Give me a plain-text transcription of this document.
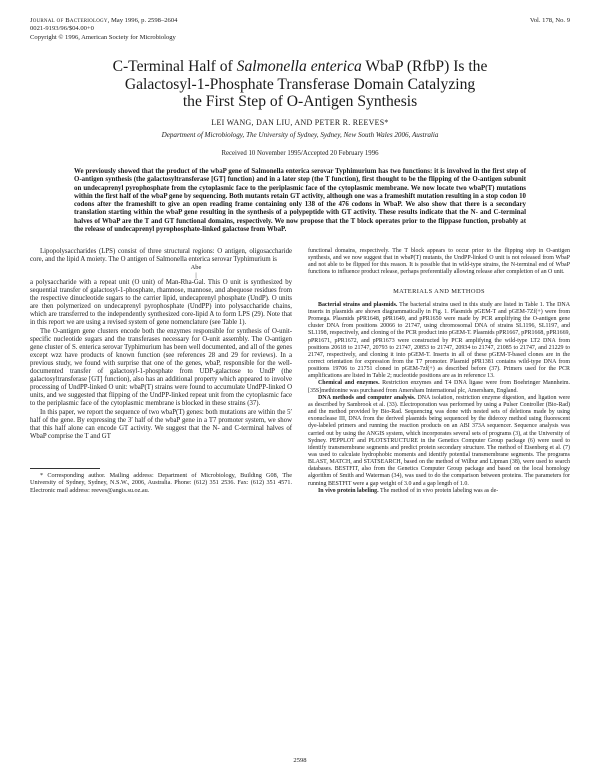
Journal of Bacteriology, May 1996, p. 2598–2604
0021-9193/96/$04.00+0
Copyright © 1996, American Society for Microbiology
Vol. 178, No. 9
C-Terminal Half of Salmonella enterica WbaP (RfbP) Is the
Galactosyl-1-Phosphate Transferase Domain Catalyzing
the First Step of O-Antigen Synthesis
LEI WANG, DAN LIU, AND PETER R. REEVES*
Department of Microbiology, The University of Sydney, Sydney, New South Wales 2006, Australia
Received 10 November 1995/Accepted 20 February 1996
We previously showed that the product of the wbaP gene of Salmonella enterica serovar Typhimurium has two functions: it is involved in the first step of O-antigen synthesis (the galactosyltransferase [GT] function) and in a later step (the T function), first thought to be the flipping of the O-antigen subunit on undecaprenyl pyrophosphate from the cytoplasmic face to the periplasmic face of the cytoplasmic membrane. We now locate two wbaP(T) mutations within the first half of the wbaP gene by sequencing. Both mutants retain GT activity, although one was a frameshift mutation resulting in a stop codon 10 codons after the frameshift to give an open reading frame containing only 138 of the 476 codons in WbaP. We also show that there is a secondary translation starting within the wbaP gene resulting in the synthesis of a polypeptide with GT activity. These results indicate that the N- and C-terminal halves of WbaP are the T and GT functional domains, respectively. We now propose that the T block operates prior to the flippase function, probably at the release of undecaprenyl pyrophosphate-linked galactose from WbaP.

Lipopolysaccharides (LPS) consist of three structural regions: O antigen, oligosaccharide core, and the lipid A moiety. The O antigen of Salmonella enterica serovar Typhimurium is

Abe
|

a polysaccharide with a repeat unit (O unit) of Man-Rha-Gal. This O unit is synthesized by sequential transfer of galactosyl-1-phosphate, rhamnose, mannose, and abequose residues from the respective dinucleotide sugars to the carrier lipid, undecaprenyl phosphate (UndP). O units are then polymerized on undecaprenyl pyrophosphate (UndPP) into polysaccharide chains, which are transferred to the independently synthesized core-lipid A to form LPS (29). Note that in this report we are using a revised system of gene nomenclature (see Table 1).

The O-antigen gene clusters encode both the enzymes responsible for synthesis of O-unit-specific nucleotide sugars and the transferases necessary for O-unit assembly. The O-antigen gene cluster of S. enterica serovar Typhimurium has been well documented, and all of the genes except wzz have products of known function (see references 28 and 29 for reviews). In a previous study, we found with surprise that one of the genes, wbaP, responsible for the well-documented transfer of galactosyl-1-phosphate from UDP-galactose to UndP (the galactosyltransferase [GT] function), also has an additional property which appeared to involve processing of UndPP-linked O unit: wbaP(T) strains were found to accumulate UndPP-linked O units, and we suggested that flipping of the UndPP-linked repeat unit from the cytoplasmic face to the periplasmic face of the cytoplasmic membrane is blocked in these strains (37).

In this paper, we report the sequence of two wbaP(T) genes: both mutations are within the 5′ half of the gene. By expressing the 3′ half of the wbaP gene in a T7 promoter system, we show that this half alone can encode GT activity. We suggest that the N- and C-terminal halves of WbaP comprise the T and GT

* Corresponding author. Mailing address: Department of Microbiology, Building G08, The University of Sydney, Sydney, N.S.W., 2006, Australia. Phone: (612) 351 2536. Fax: (612) 351 4571. Electronic mail address: reeves@angis.su.oz.au.

functional domains, respectively. The T block appears to occur prior to the flipping step in O-antigen synthesis, and we now suggest that in wbaP(T) mutants, the UndPP-linked O unit is not released from WbaP and not able to be flipped for this reason. It is possible that in wild-type strains, the N-terminal end of WbaP functions to influence product release, perhaps preferentially allowing release after completion of an O unit.

MATERIALS AND METHODS

Bacterial strains and plasmids. The bacterial strains used in this study are listed in Table 1. The DNA inserts in plasmids are shown diagrammatically in Fig. 1. Plasmids pGEM-T and pGEM-7Zf(+) were from Promega. Plasmids pPR1648, pPR1649, and pPR1650 were made by PCR amplifying the O-antigen gene cluster DNA from positions 20066 to 21747, using chromosomal DNA of strains SL1196, SL1197, and SL1198, respectively, and cloning of the PCR product into pGEM-T. Plasmids pPR1667, pPR1668, pPR1669, pPR1671, pPR1672, and pPR1673 were constructed by PCR amplifying the wild-type LT2 DNA from positions 20618 to 21747, 20793 to 21747, 20853 to 21747, 20934 to 21747, 21085 to 21747, and 21229 to 21747, respectively, and cloning it into pGEM-T. Inserts in all of these pGEM-T-based clones are in the correct orientation for expression from the T7 promoter. Plasmid pPR1381 contains wild-type DNA from positions 19706 to 21751 cloned in pGEM-7zf(+) as described before (37). Primers used for the PCR amplifications are listed in Table 2; nucleotide positions are as in reference 13.

Chemical and enzymes. Restriction enzymes and T4 DNA ligase were from Boehringer Mannheim. [35S]methionine was purchased from Amersham International plc, Amersham, England.

DNA methods and computer analysis. DNA isolation, restriction enzyme digestion, and ligation were as described by Sambrook et al. (33). Electroporation was performed by using a Pulser Controller (Bio-Rad) and the method provided by Bio-Rad. Sequencing was done with nested sets of deletions made by using exonuclease III, DNA from the derived plasmids being sequenced by the dideoxy method using fluorescent dye-labeled primers and running the reaction products on an ABI 373A sequencer. Sequence analysis was carried out by using the ANGIS system, which incorporates several sets of programs (3), at the University of Sydney. PEPPLOT and PLOTSTRUCTURE in the Genetics Computer Group package (6) were used to identify transmembrane segments and predict protein secondary structure. The method of Eisenberg et al. (7) was used to calculate hydrophobic moments and identify potential transmembrane segments. The programs BLAST, MATCH, and STATSEARCH, based on the method of Wilbur and Lipman (38), were used to search databases. BESTFIT, also from the Genetics Computer Group package and based on the local homology algorithm of Smith and Waterman (34), was used to do the comparison between proteins. The parameters for running BESTFIT were a gap weight of 3.0 and a gap length of 1.0.

In vivo protein labeling. The method of in vivo protein labeling was as de-

2598
